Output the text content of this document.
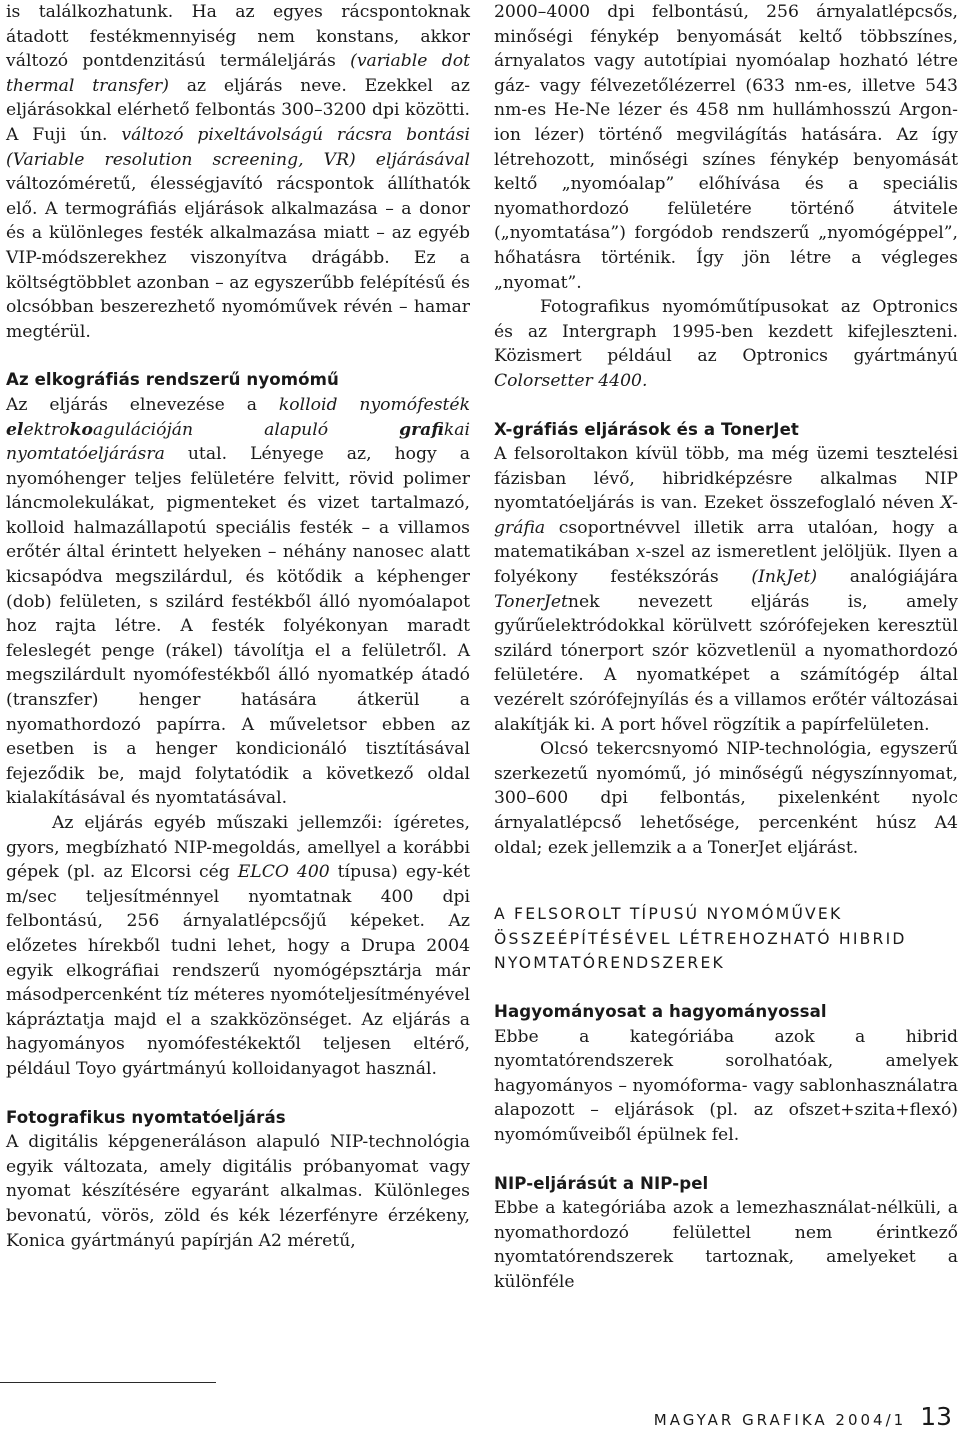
is találkozhatunk. Ha az egyes rácspontoknak átadott festékmennyiség nem konstans, akkor változó pontdenzitású termáleljárás (variable dot thermal transfer) az eljárás neve. Ezekkel az eljárásokkal elérhető felbontás 300–3200 dpi közötti. A Fuji ún. változó pixeltávolságú rácsra bontási (Variable resolution screening, VR) eljárásával változóméretű, élességjavító rácspontok állíthatók elő. A termográfiás eljárások alkalmazása – a donor és a különleges festék alkalmazása miatt – az egyéb VIP-módszerekhez viszonyítva drágább. Ez a költségtöbblet azonban – az egyszerűbb felépítésű és olcsóbban beszerezhető nyomóművek révén – hamar megtérül.

Az elkográfiás rendszerű nyomómű

Az eljárás elnevezése a kolloid nyomófesték elektrokoagulációján alapuló grafikai nyomtatóeljárásra utal. Lényege az, hogy a nyomóhenger teljes felületére felvitt, rövid polimer láncmolekulákat, pigmenteket és vizet tartalmazó, kolloid halmazállapotú speciális festék – a villamos erőtér által érintett helyeken – néhány nanosec alatt kicsapódva megszilárdul, és kötődik a képhenger (dob) felületen, s szilárd festékből álló nyomóalapot hoz rajta létre. A festék folyékonyan maradt feleslegét penge (rákel) távolítja el a felületről. A megszilárdult nyomófestékből álló nyomatkép átadó (transzfer) henger hatására átkerül a nyomathordozó papírra. A műveletsor ebben az esetben is a henger kondicionáló tisztításával fejeződik be, majd folytatódik a következő oldal kialakításával és nyomtatásával.

Az eljárás egyéb műszaki jellemzői: ígéretes, gyors, megbízható NIP-megoldás, amellyel a korábbi gépek (pl. az Elcorsi cég ELCO 400 típusa) egy-két m/sec teljesítménnyel nyomtatnak 400 dpi felbontású, 256 árnyalatlépcsőjű képeket. Az előzetes hírekből tudni lehet, hogy a Drupa 2004 egyik elkográfiai rendszerű nyomógépsztárja már másodpercenként tíz méteres nyomóteljesítményével kápráztatja majd el a szakközönséget. Az eljárás a hagyományos nyomófestékektől teljesen eltérő, például Toyo gyártmányú kolloidanyagot használ.

Fotografikus nyomtatóeljárás

A digitális képgeneráláson alapuló NIP-technológia egyik változata, amely digitális próbanyomat vagy nyomat készítésére egyaránt alkalmas. Különleges bevonatú, vörös, zöld és kék lézerfényre érzékeny, Konica gyártmányú papírján A2 méretű,

2000–4000 dpi felbontású, 256 árnyalatlépcsős, minőségi fénykép benyomását keltő többszínes, árnyalatos vagy autotípiai nyomóalap hozható létre gáz- vagy félvezetőlézerrel (633 nm-es, illetve 543 nm-es He-Ne lézer és 458 nm hullámhosszú Argon-ion lézer) történő megvilágítás hatására. Az így létrehozott, minőségi színes fénykép benyomását keltő „nyomóalap” előhívása és a speciális nyomathordozó felületére történő átvitele („nyomtatása”) forgódob rendszerű „nyomógéppel”, hőhatásra történik. Így jön létre a végleges „nyomat”.

Fotografikus nyomóműtípusokat az Optronics és az Intergraph 1995-ben kezdett kifejleszteni. Közismert például az Optronics gyártmányú Colorsetter 4400.

X-gráfiás eljárások és a TonerJet

A felsoroltakon kívül több, ma még üzemi tesztelési fázisban lévő, hibridképzésre alkalmas NIP nyomtatóeljárás is van. Ezeket összefoglaló néven X-gráfia csoportnévvel illetik arra utalóan, hogy a matematikában x-szel az ismeretlent jelöljük. Ilyen a folyékony festékszórás (InkJet) analógiájára TonerJetnek nevezett eljárás is, amely gyűrűelektródokkal körülvett szórófejeken keresztül szilárd tónerport szór közvetlenül a nyomathordozó felületére. A nyomatképet a számítógép által vezérelt szórófejnyílás és a villamos erőtér változásai alakítják ki. A port hővel rögzítik a papírfelületen.

Olcsó tekercsnyomó NIP-technológia, egyszerű szerkezetű nyomómű, jó minőségű négyszínnyomat, 300–600 dpi felbontás, pixelenként nyolc árnyalatlépcső lehetősége, percenként húsz A4 oldal; ezek jellemzik a a TonerJet eljárást.

A FELSOROLT TÍPUSÚ NYOMÓMŰVEK ÖSSZEÉPÍTÉSÉVEL LÉTREHOZHATÓ HIBRID NYOMTATÓRENDSZEREK
Hagyományosat a hagyományossal

Ebbe a kategóriába azok a hibrid nyomtatórendszerek sorolhatóak, amelyek hagyományos – nyomóforma- vagy sablonhasználatra alapozott – eljárások (pl. az ofszet+szita+flexó) nyomóműveiből épülnek fel.

NIP-eljárásút a NIP-pel

Ebbe a kategóriába azok a lemezhasználat-nélküli, a nyomathordozó felülettel nem érintkező nyomtatórendszerek tartoznak, amelyeket a különféle

MAGYAR GRAFIKA 2004/1 13
